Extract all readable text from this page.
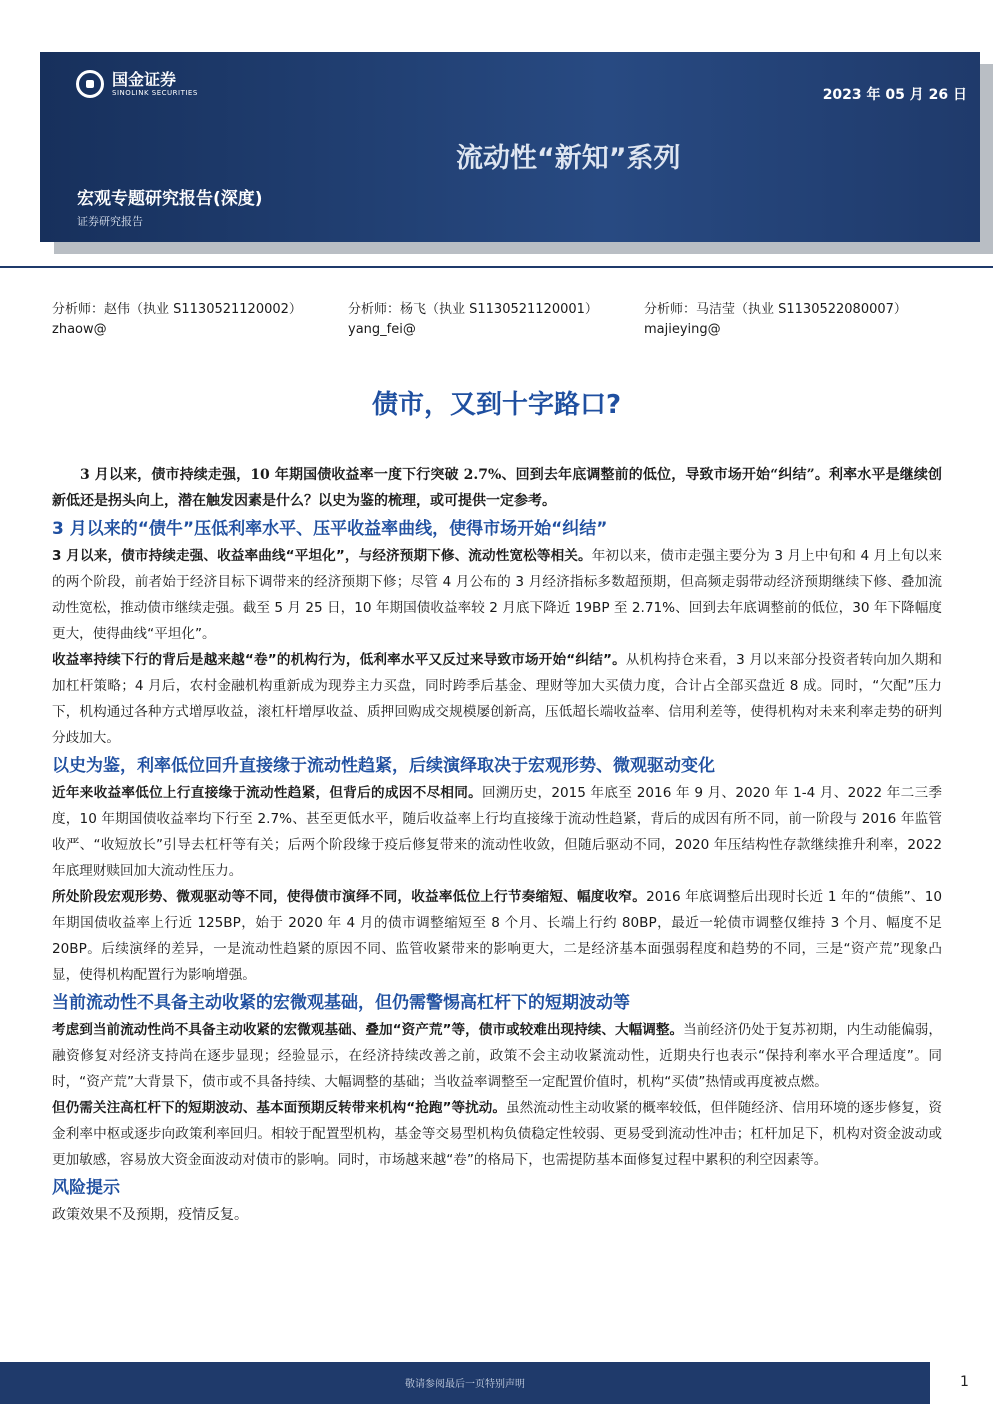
国金证券
SINOLINK SECURITIES	2023 年 05 月 26 日
流动性“新知”系列
宏观专题研究报告(深度)
证券研究报告
分析师：赵伟（执业 S1130521120002）
zhaow@
分析师：杨飞（执业 S1130521120001）
yang_fei@
分析师：马洁莹（执业 S1130522080007）
majieying@
债市，又到十字路口?

3 月以来，债市持续走强，10 年期国债收益率一度下行突破 2.7%、回到去年底调整前的低位，导致市场开始“纠结”。利率水平是继续创新低还是拐头向上，潜在触发因素是什么？以史为鉴的梳理，或可提供一定参考。

3 月以来的“债牛”压低利率水平、压平收益率曲线，使得市场开始“纠结”

3 月以来，债市持续走强、收益率曲线“平坦化”，与经济预期下修、流动性宽松等相关。年初以来，债市走强主要分为 3 月上中旬和 4 月上旬以来的两个阶段，前者始于经济目标下调带来的经济预期下修；尽管 4 月公布的 3 月经济指标多数超预期，但高频走弱带动经济预期继续下修、叠加流动性宽松，推动债市继续走强。截至 5 月 25 日，10 年期国债收益率较 2 月底下降近 19BP 至 2.71%、回到去年底调整前的低位，30 年下降幅度更大，使得曲线“平坦化”。

收益率持续下行的背后是越来越“卷”的机构行为，低利率水平又反过来导致市场开始“纠结”。从机构持仓来看，3 月以来部分投资者转向加久期和加杠杆策略；4 月后，农村金融机构重新成为现券主力买盘，同时跨季后基金、理财等加大买债力度，合计占全部买盘近 8 成。同时，“欠配”压力下，机构通过各种方式增厚收益，滚杠杆增厚收益、质押回购成交规模屡创新高，压低超长端收益率、信用利差等，使得机构对未来利率走势的研判分歧加大。

以史为鉴，利率低位回升直接缘于流动性趋紧，后续演绎取决于宏观形势、微观驱动变化

近年来收益率低位上行直接缘于流动性趋紧，但背后的成因不尽相同。回溯历史，2015 年底至 2016 年 9 月、2020 年 1-4 月、2022 年二三季度，10 年期国债收益率均下行至 2.7%、甚至更低水平，随后收益率上行均直接缘于流动性趋紧，背后的成因有所不同，前一阶段与 2016 年监管收严、“收短放长”引导去杠杆等有关；后两个阶段缘于疫后修复带来的流动性收敛，但随后驱动不同，2020 年压结构性存款继续推升利率，2022 年底理财赎回加大流动性压力。

所处阶段宏观形势、微观驱动等不同，使得债市演绎不同，收益率低位上行节奏缩短、幅度收窄。2016 年底调整后出现时长近 1 年的“债熊”、10 年期国债收益率上行近 125BP，始于 2020 年 4 月的债市调整缩短至 8 个月、长端上行约 80BP，最近一轮债市调整仅维持 3 个月、幅度不足 20BP。后续演绎的差异，一是流动性趋紧的原因不同、监管收紧带来的影响更大，二是经济基本面强弱程度和趋势的不同，三是“资产荒”现象凸显，使得机构配置行为影响增强。

当前流动性不具备主动收紧的宏微观基础，但仍需警惕高杠杆下的短期波动等

考虑到当前流动性尚不具备主动收紧的宏微观基础、叠加“资产荒”等，债市或较难出现持续、大幅调整。当前经济仍处于复苏初期，内生动能偏弱，融资修复对经济支持尚在逐步显现；经验显示，在经济持续改善之前，政策不会主动收紧流动性，近期央行也表示“保持利率水平合理适度”。同时，“资产荒”大背景下，债市或不具备持续、大幅调整的基础；当收益率调整至一定配置价值时，机构“买债”热情或再度被点燃。

但仍需关注高杠杆下的短期波动、基本面预期反转带来机构“抢跑”等扰动。虽然流动性主动收紧的概率较低，但伴随经济、信用环境的逐步修复，资金利率中枢或逐步向政策利率回归。相较于配置型机构，基金等交易型机构负债稳定性较弱、更易受到流动性冲击；杠杆加足下，机构对资金波动或更加敏感，容易放大资金面波动对债市的影响。同时，市场越来越“卷”的格局下，也需提防基本面修复过程中累积的利空因素等。

风险提示

政策效果不及预期，疫情反复。

敬请参阅最后一页特别声明	1
